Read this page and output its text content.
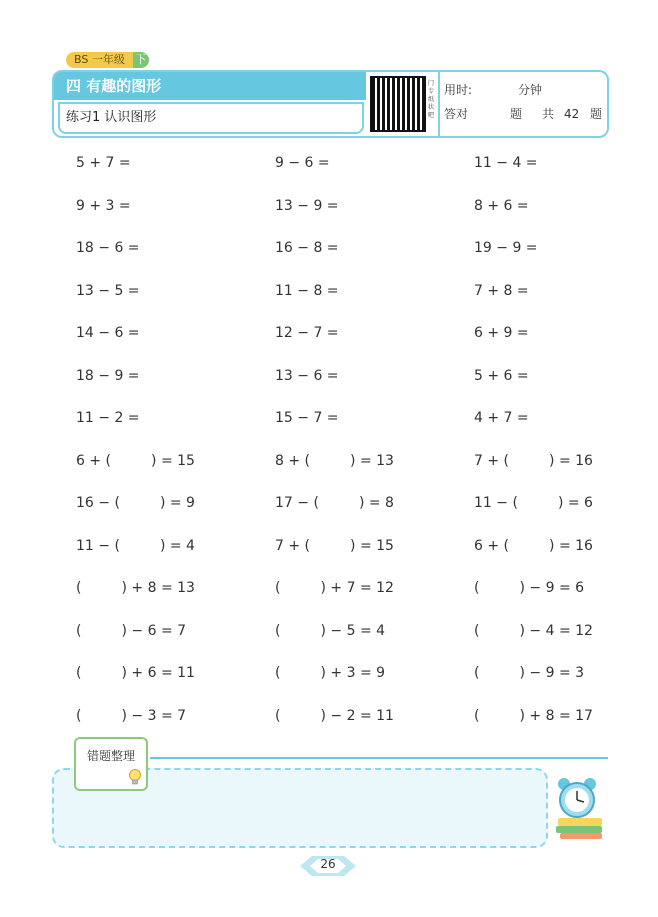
BS 一年级 下
四 有趣的图形
练习1 认识图形
门专纸状吧
用时:	分钟
答对	题 共 42 题
5 + 7 =	9 − 6 =	11 − 4 =
9 + 3 =	13 − 9 =	8 + 6 =
18 − 6 =	16 − 8 =	19 − 9 =
13 − 5 =	11 − 8 =	7 + 8 =
14 − 6 =	12 − 7 =	6 + 9 =
18 − 9 =	13 − 6 =	5 + 6 =
11 − 2 =	15 − 7 =	4 + 7 =
6 + (         ) = 15	8 + (         ) = 13	7 + (         ) = 16
16 − (         ) = 9	17 − (         ) = 8	11 − (         ) = 6
11 − (         ) = 4	7 + (         ) = 15	6 + (         ) = 16
(         ) + 8 = 13	(         ) + 7 = 12	(         ) − 9 = 6
(         ) − 6 = 7	(         ) − 5 = 4	(         ) − 4 = 12
(         ) + 6 = 11	(         ) + 3 = 9	(         ) − 9 = 3
(         ) − 3 = 7	(         ) − 2 = 11	(         ) + 8 = 17
错题整理
26
